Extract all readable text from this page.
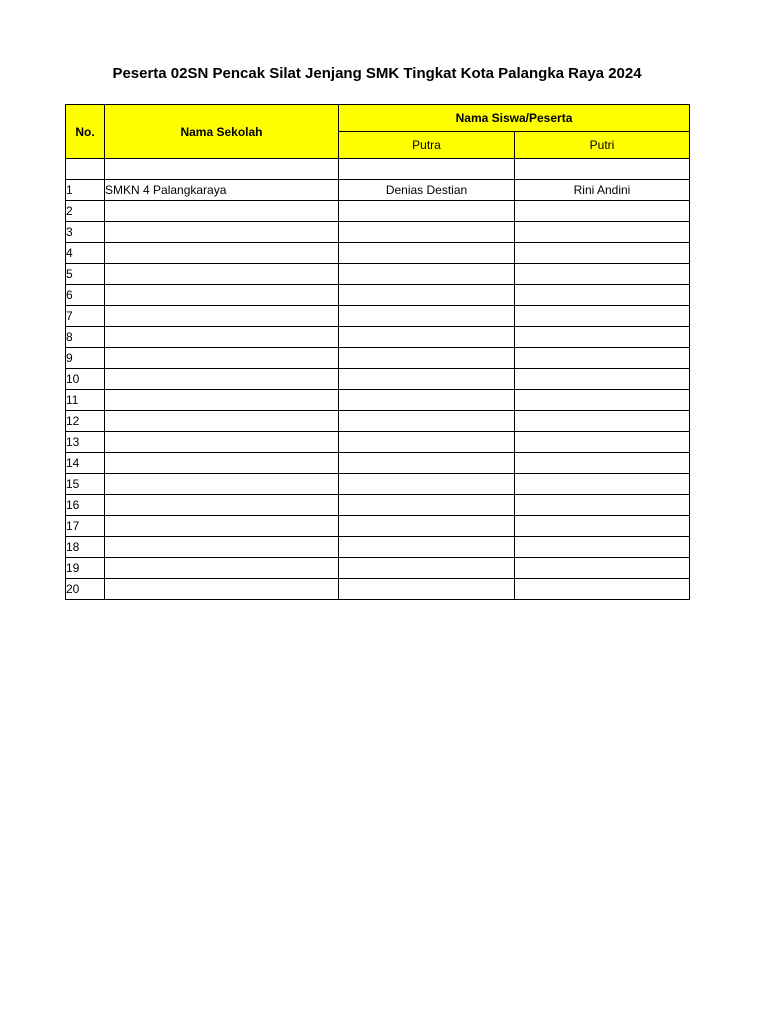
Peserta 02SN Pencak Silat Jenjang SMK Tingkat Kota Palangka Raya 2024
No.	Nama Sekolah	Nama Siswa/Peserta	
		Putra	Putri

1	SMKN 4 Palangkaraya	Denias Destian	Rini Andini
2			
3			
4			
5			
6			
7			
8			
9			
10			
11			
12			
13			
14			
15			
16			
17			
18			
19			
20			
